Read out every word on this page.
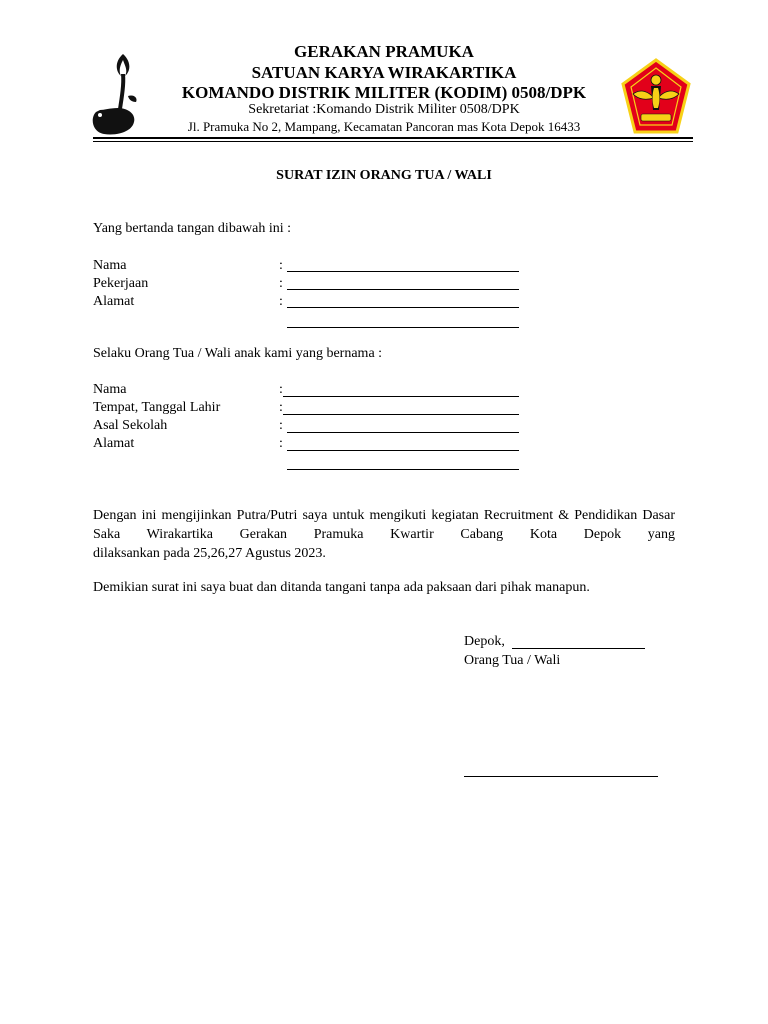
GERAKAN PRAMUKA
SATUAN KARYA WIRAKARTIKA
KOMANDO DISTRIK MILITER (KODIM) 0508/DPK
Sekretariat :Komando Distrik Militer 0508/DPK
Jl. Pramuka No 2, Mampang, Kecamatan Pancoran mas Kota Depok 16433
SURAT IZIN ORANG TUA / WALI
Yang bertanda tangan dibawah ini :
Nama	:
Pekerjaan	:
Alamat	:
Selaku Orang Tua / Wali anak kami yang bernama :
Nama	:
Tempat, Tanggal Lahir	:
Asal Sekolah	:
Alamat	:
Dengan ini mengijinkan Putra/Putri saya untuk mengikuti kegiatan Recruitment & Pendidikan Dasar Saka Wirakartika Gerakan Pramuka Kwartir Cabang Kota Depok yang
dilaksankan pada 25,26,27 Agustus 2023.
Demikian surat ini saya buat dan ditanda tangani tanpa ada paksaan dari pihak manapun.
Depok,
Orang Tua / Wali
